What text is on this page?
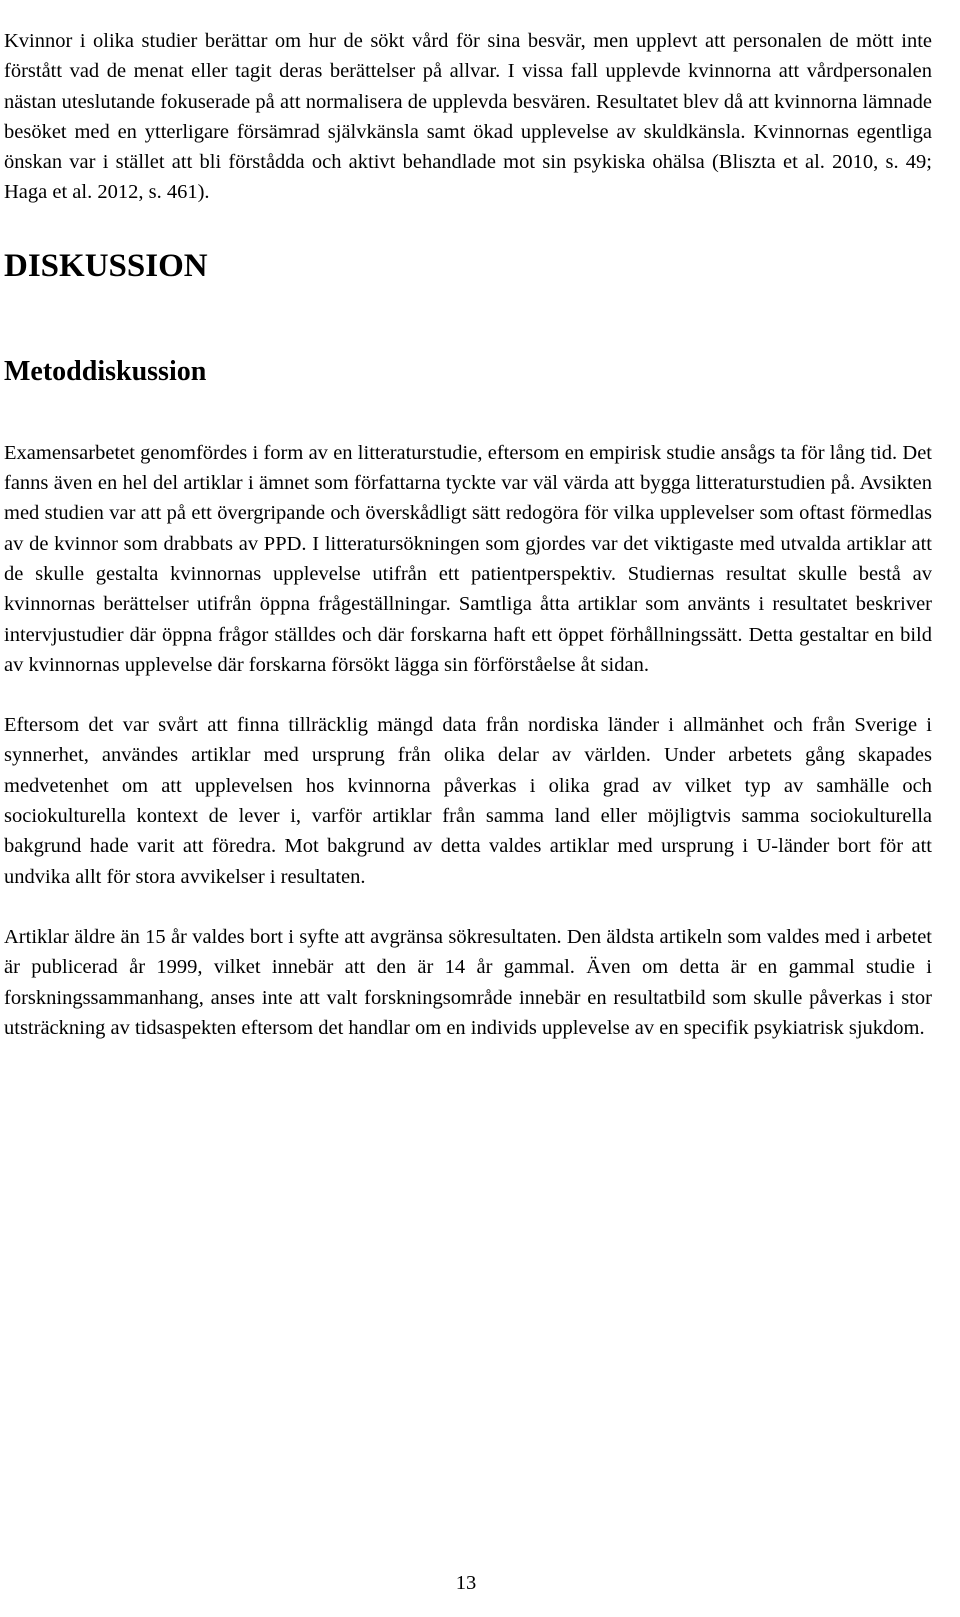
Kvinnor i olika studier berättar om hur de sökt vård för sina besvär, men upplevt att personalen de mött inte förstått vad de menat eller tagit deras berättelser på allvar. I vissa fall upplevde kvinnorna att vårdpersonalen nästan uteslutande fokuserade på att normalisera de upplevda besvären. Resultatet blev då att kvinnorna lämnade besöket med en ytterligare försämrad självkänsla samt ökad upplevelse av skuldkänsla. Kvinnornas egentliga önskan var i stället att bli förstådda och aktivt behandlade mot sin psykiska ohälsa (Bliszta et al. 2010, s. 49; Haga et al. 2012, s. 461).

DISKUSSION
Metoddiskussion

Examensarbetet genomfördes i form av en litteraturstudie, eftersom en empirisk studie ansågs ta för lång tid. Det fanns även en hel del artiklar i ämnet som författarna tyckte var väl värda att bygga litteraturstudien på. Avsikten med studien var att på ett övergripande och överskådligt sätt redogöra för vilka upplevelser som oftast förmedlas av de kvinnor som drabbats av PPD. I litteratursökningen som gjordes var det viktigaste med utvalda artiklar att de skulle gestalta kvinnornas upplevelse utifrån ett patientperspektiv. Studiernas resultat skulle bestå av kvinnornas berättelser utifrån öppna frågeställningar. Samtliga åtta artiklar som använts i resultatet beskriver intervjustudier där öppna frågor ställdes och där forskarna haft ett öppet förhållningssätt. Detta gestaltar en bild av kvinnornas upplevelse där forskarna försökt lägga sin förförståelse åt sidan.

Eftersom det var svårt att finna tillräcklig mängd data från nordiska länder i allmänhet och från Sverige i synnerhet, användes artiklar med ursprung från olika delar av världen. Under arbetets gång skapades medvetenhet om att upplevelsen hos kvinnorna påverkas i olika grad av vilket typ av samhälle och sociokulturella kontext de lever i, varför artiklar från samma land eller möjligtvis samma sociokulturella bakgrund hade varit att föredra. Mot bakgrund av detta valdes artiklar med ursprung i U-länder bort för att undvika allt för stora avvikelser i resultaten.

Artiklar äldre än 15 år valdes bort i syfte att avgränsa sökresultaten. Den äldsta artikeln som valdes med i arbetet är publicerad år 1999, vilket innebär att den är 14 år gammal. Även om detta är en gammal studie i forskningssammanhang, anses inte att valt forskningsområde innebär en resultatbild som skulle påverkas i stor utsträckning av tidsaspekten eftersom det handlar om en individs upplevelse av en specifik psykiatrisk sjukdom.

13
